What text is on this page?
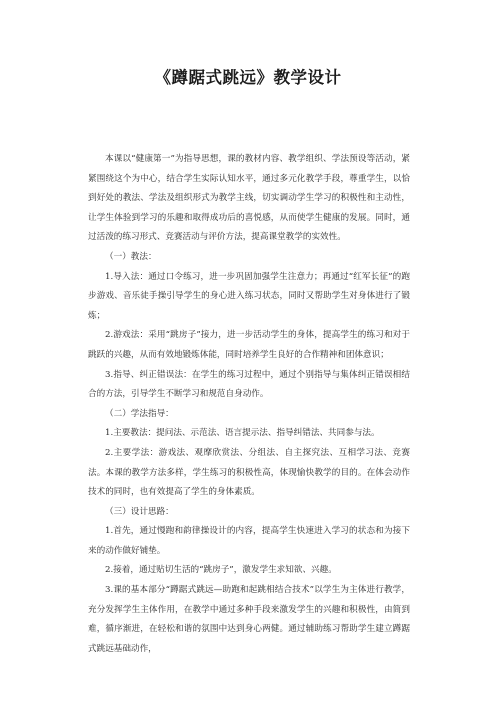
《蹲踞式跳远》教学设计

本课以“健康第一”为指导思想，课的教材内容、教学组织、学法预设等活动，紧紧围绕这个为中心，结合学生实际认知水平，通过多元化教学手段，尊重学生，以恰到好处的教法、学法及组织形式为教学主线，切实调动学生学习的积极性和主动性，让学生体验到学习的乐趣和取得成功后的喜悦感，从而使学生健康的发展。同时，通过活泼的练习形式、竞赛活动与评价方法，提高课堂教学的实效性。

（一）教法：

1.导入法：通过口令练习，进一步巩固加强学生注意力；再通过“红军长征”的跑步游戏、音乐徒手操引导学生的身心进入练习状态，同时又帮助学生对身体进行了锻炼；

2.游戏法：采用“跳房子”接力，进一步活动学生的身体，提高学生的练习和对于跳跃的兴趣，从而有效地锻炼体能，同时培养学生良好的合作精神和团体意识；

3.指导、纠正错误法：在学生的练习过程中，通过个别指导与集体纠正错误相结合的方法，引导学生不断学习和规范自身动作。

（二）学法指导：

1.主要教法：提问法、示范法、语言提示法、指导纠错法、共同参与法。

2.主要学法：游戏法、观摩欣赏法、分组法、自主探究法、互相学习法、竞赛法。本课的教学方法多样，学生练习的积极性高，体现愉快教学的目的。在体会动作技术的同时，也有效提高了学生的身体素质。

（三）设计思路：

1.首先，通过慢跑和韵律操设计的内容，提高学生快速进入学习的状态和为接下来的动作做好铺垫。

2.接着，通过贴切生活的“跳房子”，激发学生求知欲、兴趣。

3.课的基本部分“蹲踞式跳远—助跑和起跳相结合技术”以学生为主体进行教学，充分发挥学生主体作用，在教学中通过多种手段来激发学生的兴趣和积极性，由简到难，循序渐进，在轻松和谐的氛围中达到身心两健。通过辅助练习帮助学生建立蹲踞式跳远基础动作，
